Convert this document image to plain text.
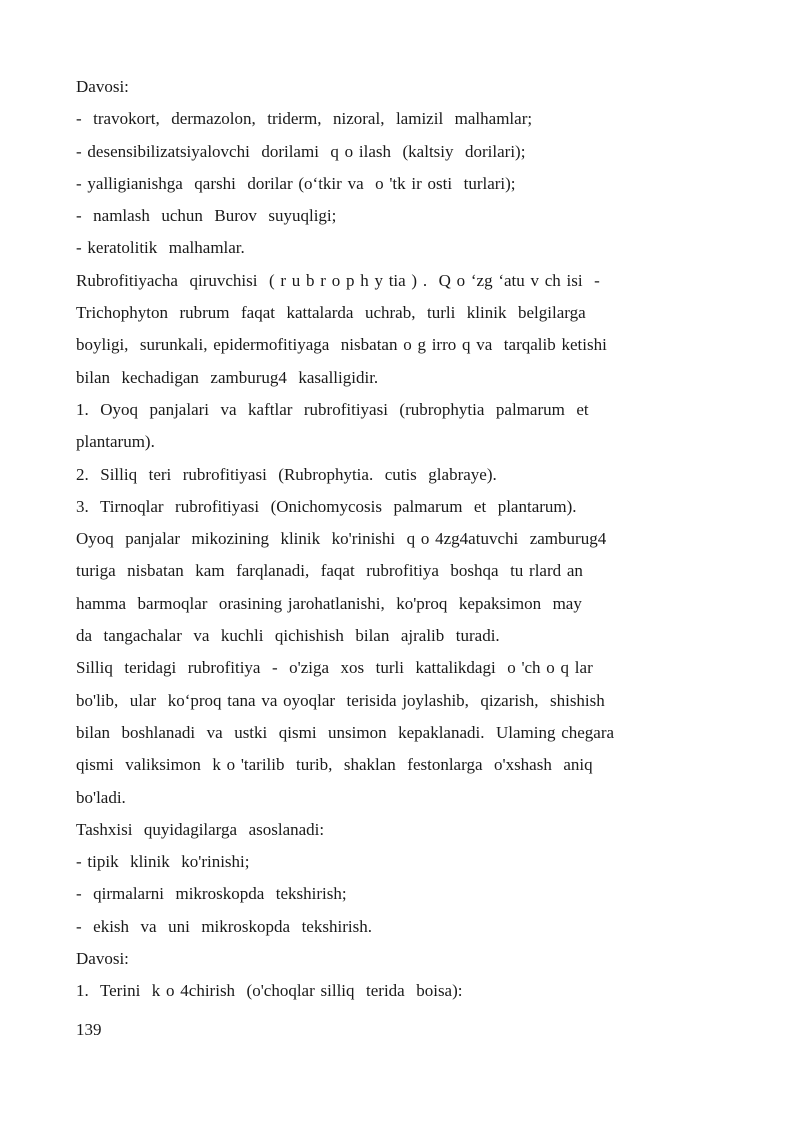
Davosi:
-  travokort,  dermazolon,  triderm,  nizoral,  lamizil  malhamlar;
- desensibilizatsiyalovchi  dorilami  q o ilash  (kaltsiy  dorilari);
- yalligianishga  qarshi  dorilar (o‘tkir va  o 'tk ir osti  turlari);
-  namlash  uchun  Burov  suyuqligi;
- keratolitik  malhamlar.
Rubrofitiyacha  qiruvchisi  ( r u b r o p h y tia ) .  Q o ‘zg ‘atu v ch isi  -
Trichophyton  rubrum  faqat  kattalarda  uchrab,  turli  klinik  belgilarga
boyligi,  surunkali, epidermofitiyaga  nisbatan o g irro q va  tarqalib ketishi
bilan  kechadigan  zamburug4  kasalligidir.
1.  Oyoq  panjalari  va  kaftlar  rubrofitiyasi  (rubrophytia  palmarum  et
plantarum).
2.  Silliq  teri  rubrofitiyasi  (Rubrophytia.  cutis  glabraye).
3.  Tirnoqlar  rubrofitiyasi  (Onichomycosis  palmarum  et  plantarum).
Oyoq  panjalar  mikozining  klinik  ko'rinishi  q o 4zg4atuvchi  zamburug4
turiga  nisbatan  kam  farqlanadi,  faqat  rubrofitiya  boshqa  tu rlard an
hamma  barmoqlar  orasining jarohatlanishi,  ko'proq  kepaksimon  may
da  tangachalar  va  kuchli  qichishish  bilan  ajralib  turadi.
Silliq  teridagi  rubrofitiya  -  o'ziga  xos  turli  kattalikdagi  o 'ch o q lar
bo'lib,  ular  ko‘proq tana va oyoqlar  terisida joylashib,  qizarish,  shishish
bilan  boshlanadi  va  ustki  qismi  unsimon  kepaklanadi.  Ulaming chegara
qismi  valiksimon  k o 'tarilib  turib,  shaklan  festonlarga  o'xshash  aniq
bo'ladi.
Tashxisi  quyidagilarga  asoslanadi:
- tipik  klinik  ko'rinishi;
-  qirmalarni  mikroskopda  tekshirish;
-  ekish  va  uni  mikroskopda  tekshirish.
Davosi:
1.  Terini  k o 4chirish  (o'choqlar silliq  terida  boisa):
139
